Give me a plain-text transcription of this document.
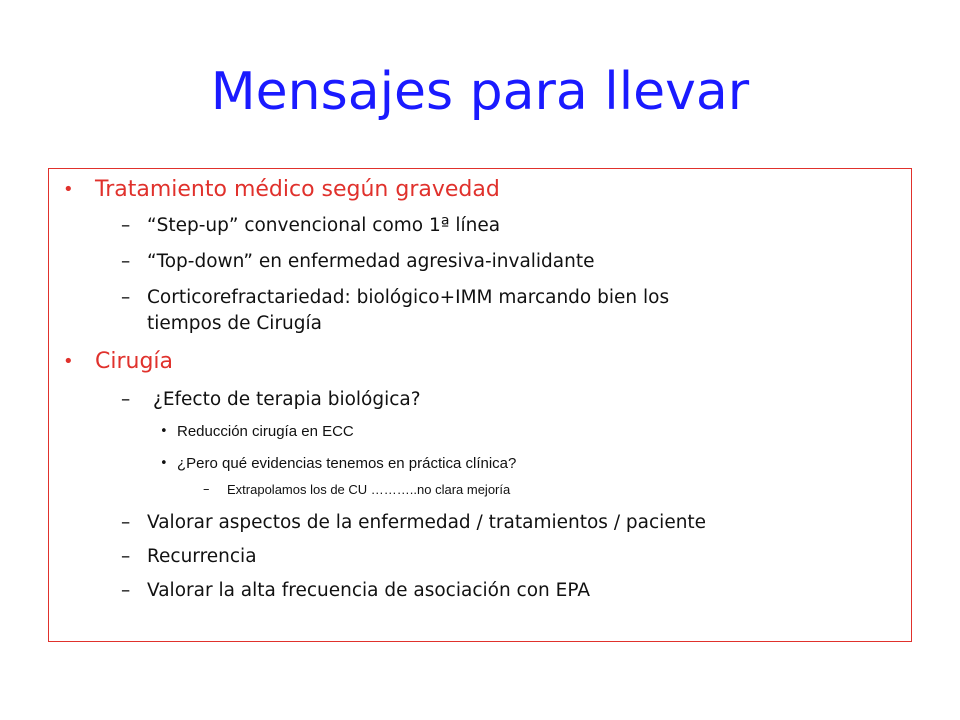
Mensajes para llevar
• Tratamiento médico según gravedad
– “Step-up” convencional como 1ª línea
– “Top-down” en enfermedad agresiva-invalidante
– Corticorefractariedad: biológico+IMM marcando bien los
tiempos de Cirugía
• Cirugía
– ¿Efecto de terapia biológica?
• Reducción cirugía en ECC
• ¿Pero qué evidencias tenemos en práctica clínica?
– Extrapolamos los de CU ………..no clara mejoría
– Valorar aspectos de la enfermedad / tratamientos / paciente
– Recurrencia
– Valorar la alta frecuencia de asociación con EPA
